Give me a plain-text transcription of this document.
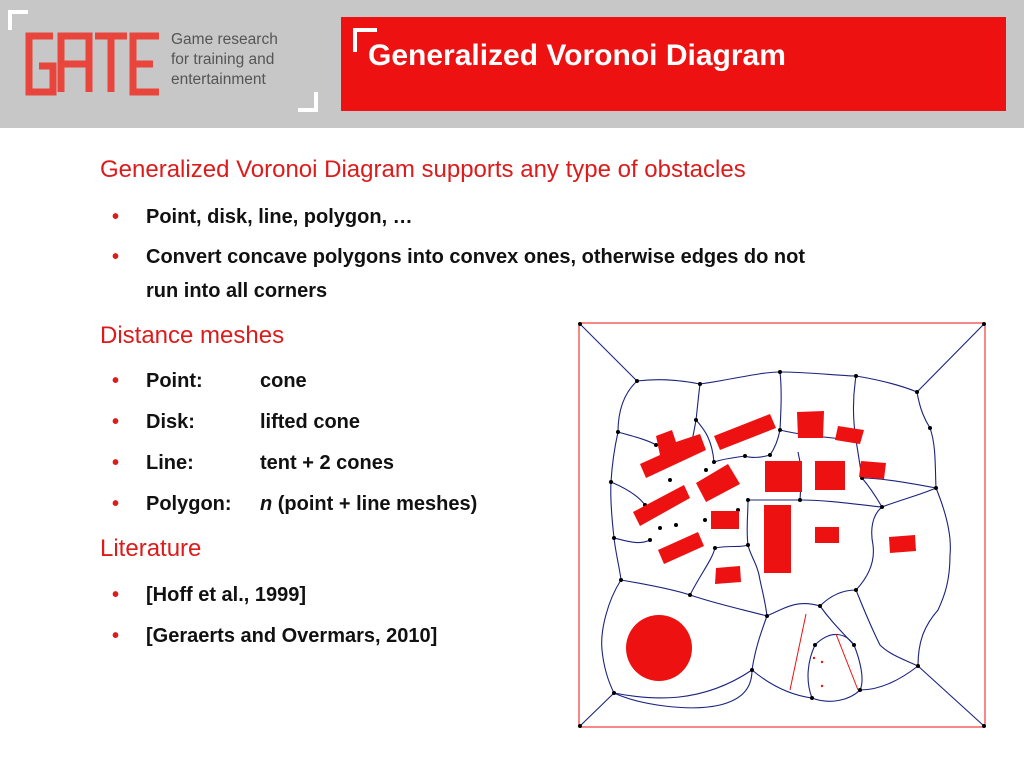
Game research
for training and
entertainment
Generalized Voronoi Diagram
Generalized Voronoi Diagram supports any type of obstacles
• Point, disk, line, polygon, …
• Convert concave polygons into convex ones, otherwise edges do not
run into all corners
Distance meshes
• Point:	cone
• Disk:	lifted cone
• Line:	tent + 2 cones
• Polygon: n (point + line meshes)
Literature
• [Hoff et al., 1999]
• [Geraerts and Overmars, 2010]
